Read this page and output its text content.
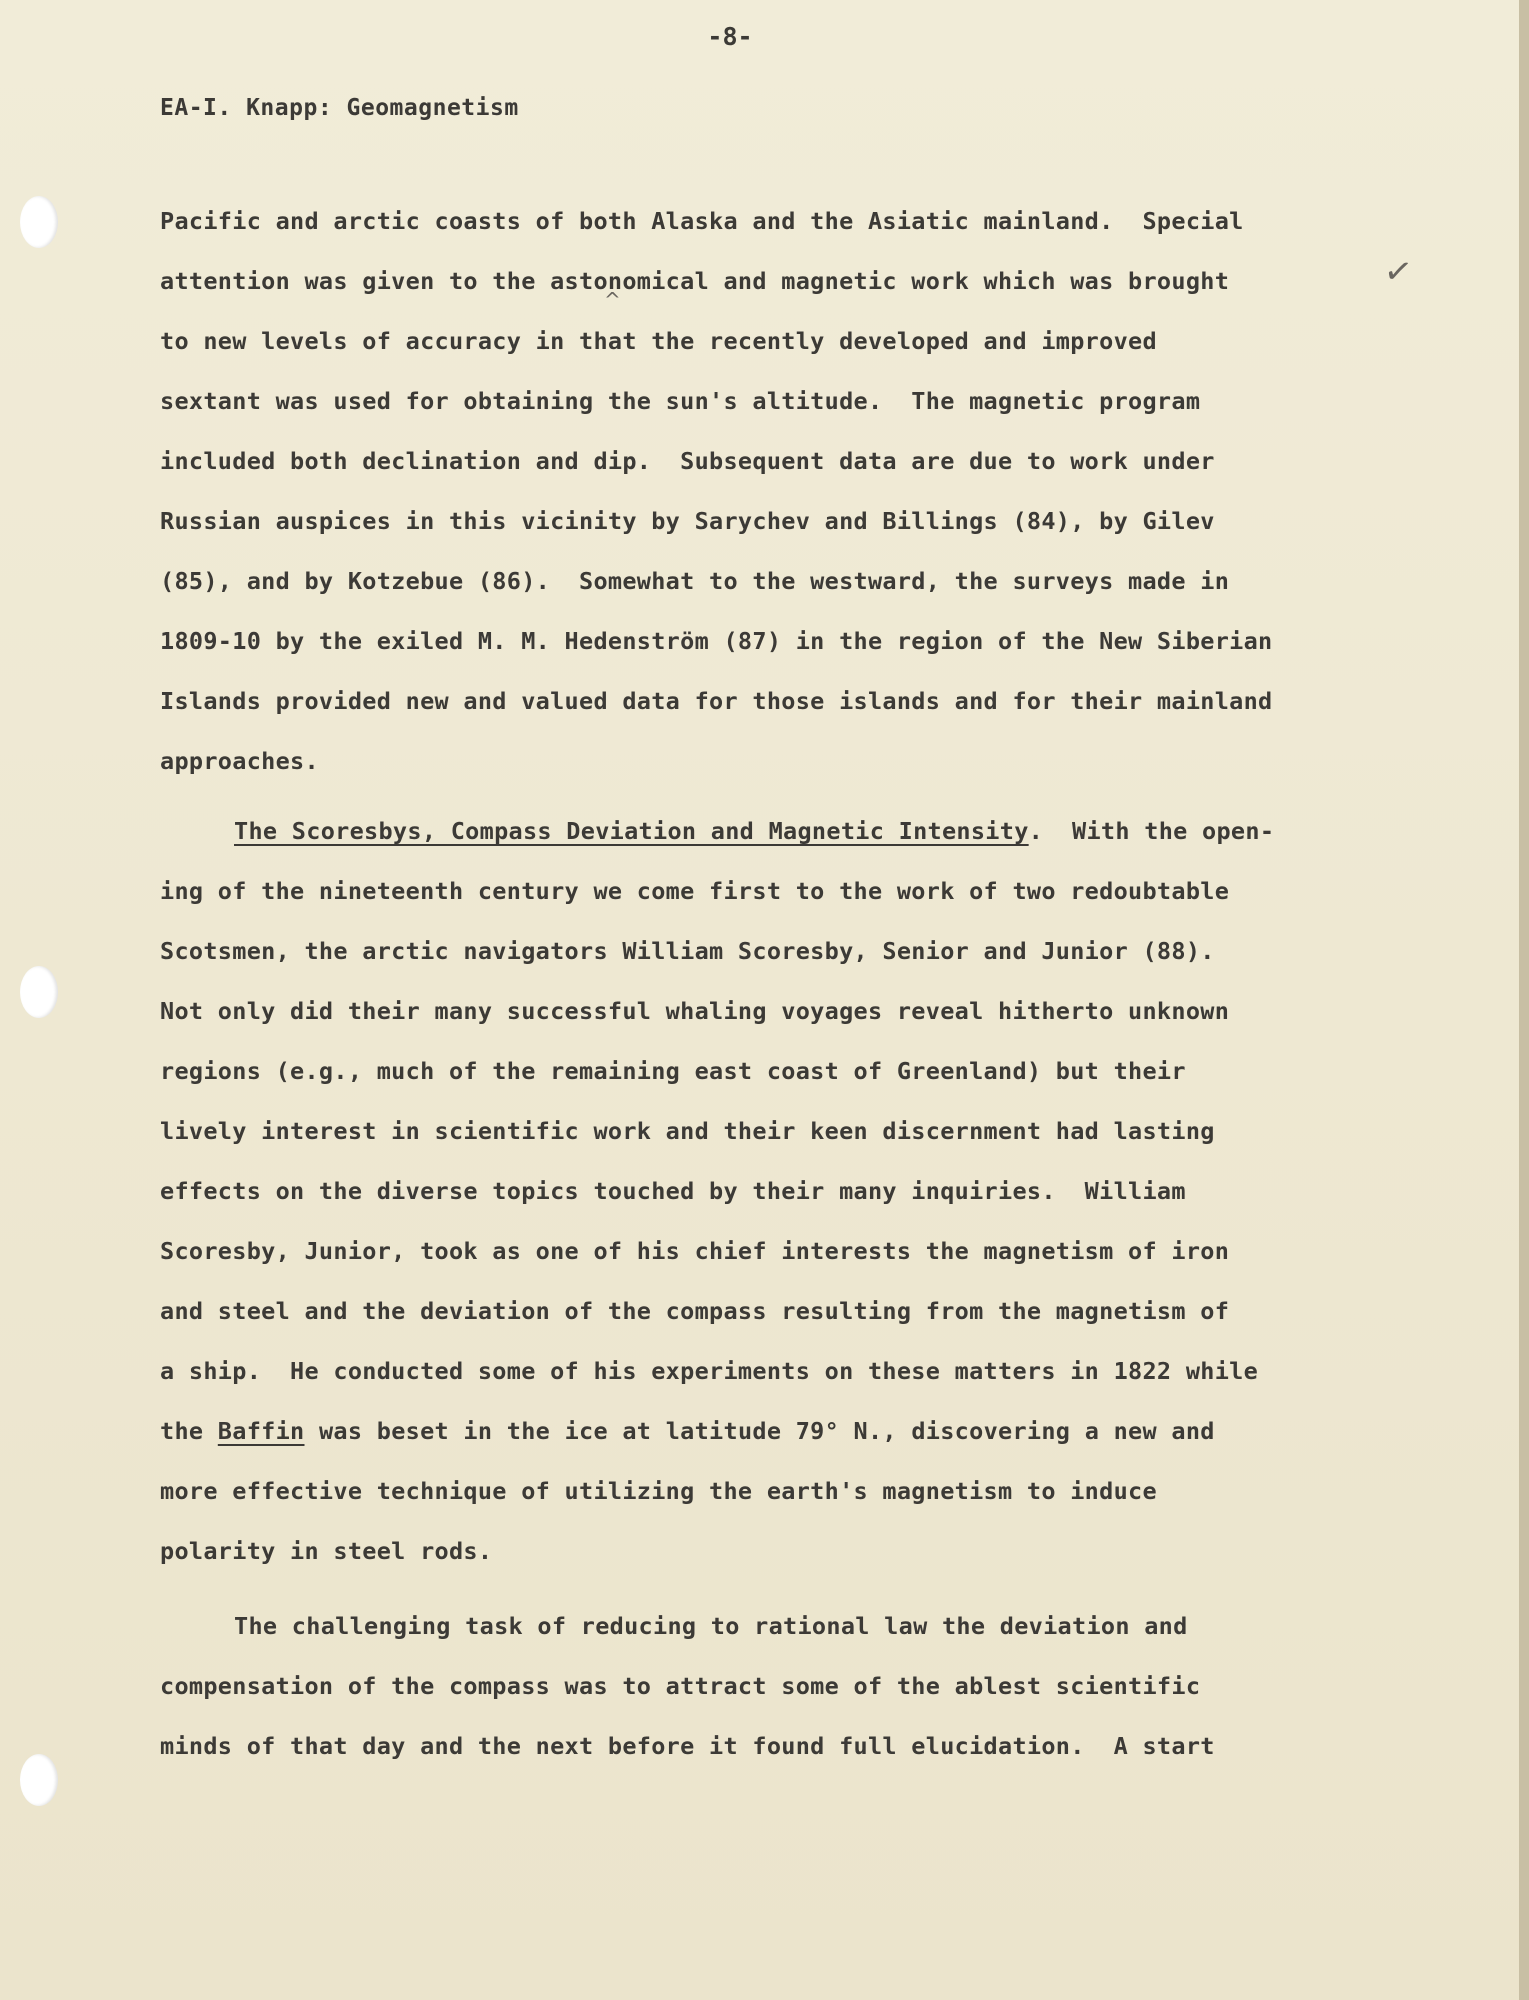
-8-
EA-I. Knapp: Geomagnetism
✓
^
Pacific and arctic coasts of both Alaska and the Asiatic mainland.  Special
attention was given to the astonomical and magnetic work which was brought
to new levels of accuracy in that the recently developed and improved
sextant was used for obtaining the sun's altitude.  The magnetic program
included both declination and dip.  Subsequent data are due to work under
Russian auspices in this vicinity by Sarychev and Billings (84), by Gilev
(85), and by Kotzebue (86).  Somewhat to the westward, the surveys made in
1809-10 by the exiled M. M. Hedenström (87) in the region of the New Siberian
Islands provided new and valued data for those islands and for their mainland
approaches.
The Scoresbys, Compass Deviation and Magnetic Intensity.  With the open-
ing of the nineteenth century we come first to the work of two redoubtable
Scotsmen, the arctic navigators William Scoresby, Senior and Junior (88).
Not only did their many successful whaling voyages reveal hitherto unknown
regions (e.g., much of the remaining east coast of Greenland) but their
lively interest in scientific work and their keen discernment had lasting
effects on the diverse topics touched by their many inquiries.  William
Scoresby, Junior, took as one of his chief interests the magnetism of iron
and steel and the deviation of the compass resulting from the magnetism of
a ship.  He conducted some of his experiments on these matters in 1822 while
the Baffin was beset in the ice at latitude 79° N., discovering a new and
more effective technique of utilizing the earth's magnetism to induce
polarity in steel rods.
The challenging task of reducing to rational law the deviation and
compensation of the compass was to attract some of the ablest scientific
minds of that day and the next before it found full elucidation.  A start
